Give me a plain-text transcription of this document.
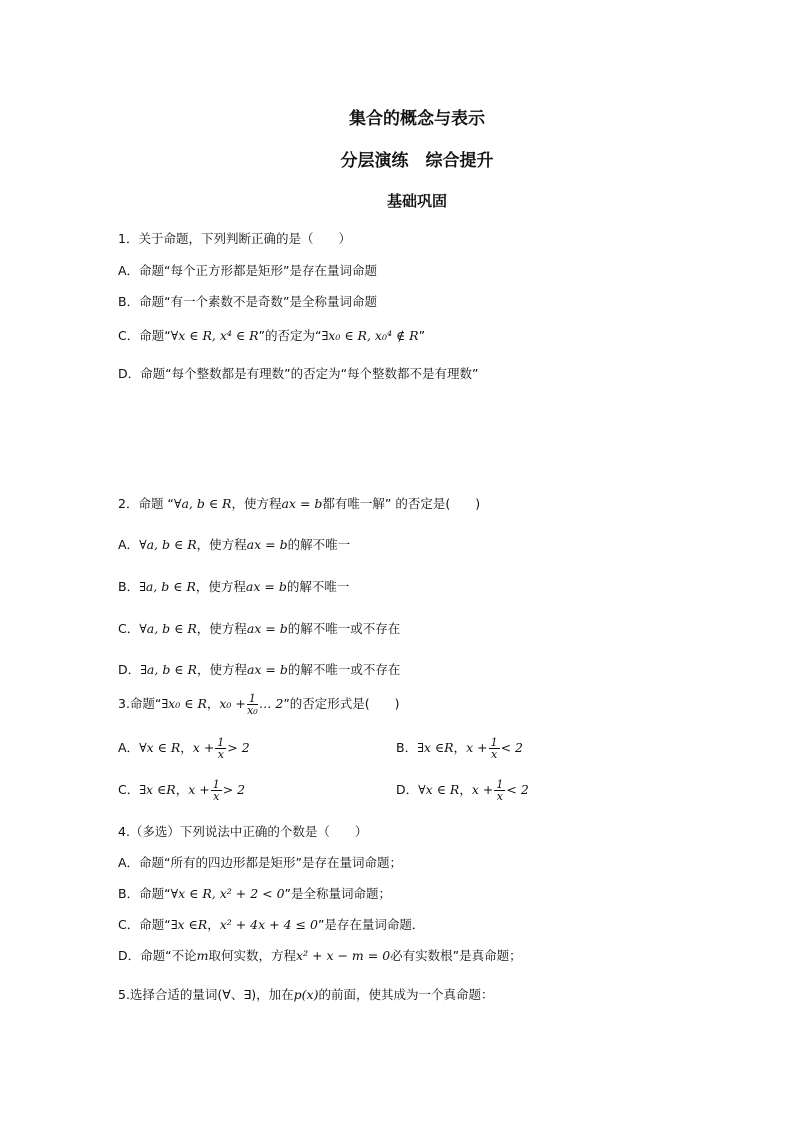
集合的概念与表示
分层演练　综合提升
基础巩固
1．关于命题，下列判断正确的是（　　）
A．命题“每个正方形都是矩形”是存在量词命题
B．命题“有一个素数不是奇数”是全称量词命题
C．命题“∀x ∈ R, x⁴ ∈ R”的否定为“∃x₀ ∈ R, x₀⁴ ∉ R”
D．命题“每个整数都是有理数”的否定为“每个整数都不是有理数”
2．命题 “∀a, b ∈ R，使方程ax = b都有唯一解” 的否定是(　　)
A．∀a, b ∈ R，使方程ax = b的解不唯一
B．∃a, b ∈ R，使方程ax = b的解不唯一
C．∀a, b ∈ R，使方程ax = b的解不唯一或不存在
D．∃a, b ∈ R，使方程ax = b的解不唯一或不存在
3.命题“∃x₀ ∈ R，$x_0 + \frac{1}{\text{x₀}}$ … 2”的否定形式是(　　)
A．∀x ∈ R，$x + \frac{1}{x} > 2$	B．∃x ∈R，$x + \frac{1}{x} < 2$
C．∃x ∈R，$x + \frac{1}{x} > 2$	D．∀x ∈ R，$x + \frac{1}{x} < 2$
4.（多选）下列说法中正确的个数是（　　）
A．命题“所有的四边形都是矩形”是存在量词命题；
B．命题“∀x ∈ R, x² + 2 < 0”是全称量词命题；
C．命题“∃x ∈R，x² + 4x + 4 ≤ 0”是存在量词命题．
D．命题“不论m取何实数，方程x² + x − m = 0必有实数根”是真命题；
5.选择合适的量词(∀、∃)，加在p(x)的前面，使其成为一个真命题：
